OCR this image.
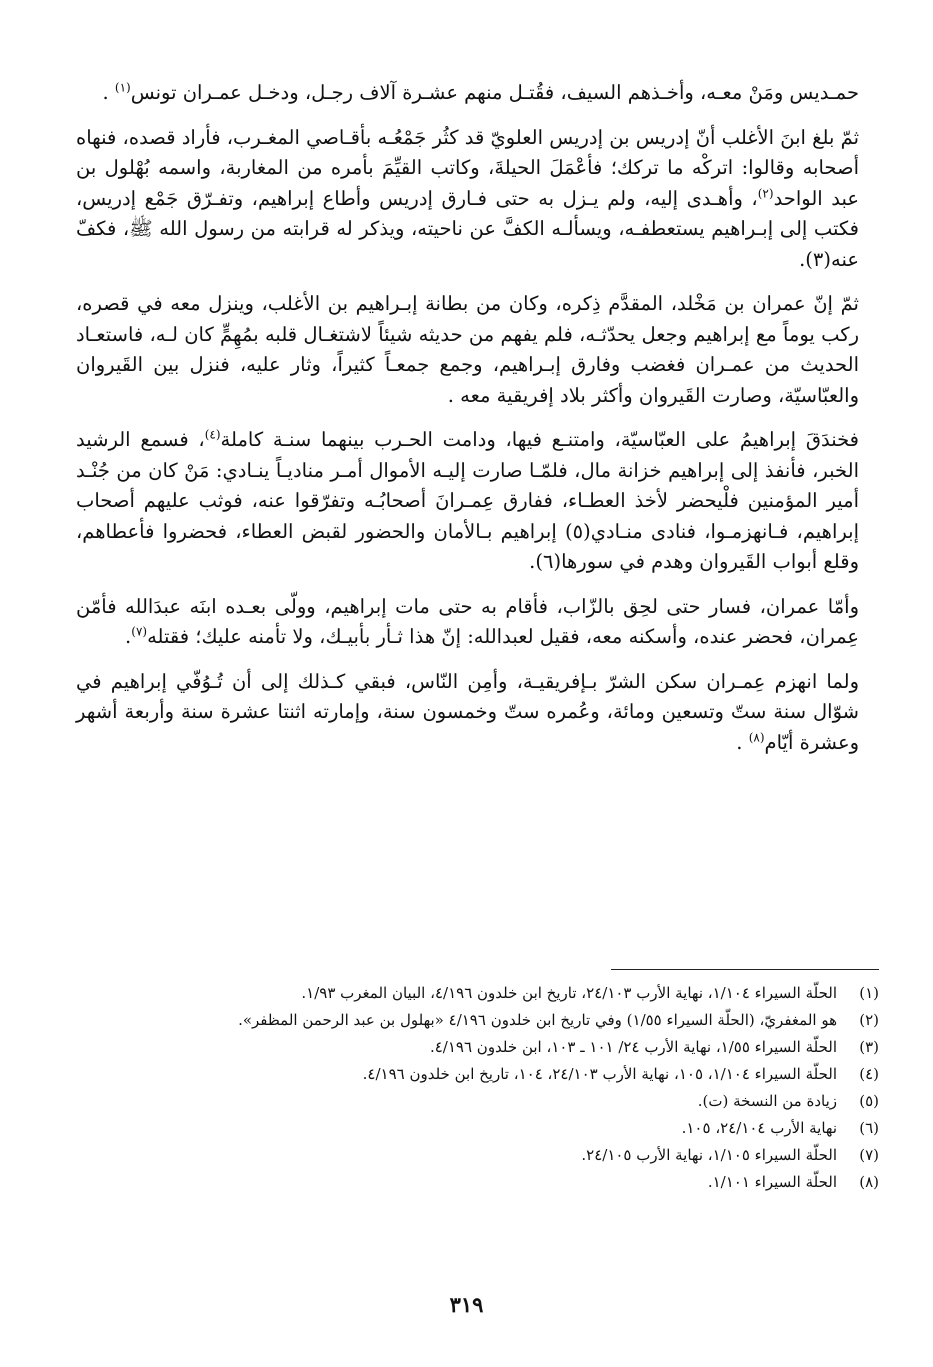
حمـديس ومَنْ معـه، وأخـذهم السيف، فقُتـل منهم عشـرة آلاف رجـل، ودخـل عمـران تونس$^{(١)}$ .

ثمّ بلغ ابنَ الأغلب أنّ إدريس بن إدريس العلويّ قد كثُر جَمْعُـه بأقـاصي المغـرب، فأراد قصده، فنهاه أصحابه وقالوا: اتركْه ما تركك؛ فأعْمَلَ الحيلةَ، وكاتب القيِّمَ بأمره من المغاربة، واسمه بُهْلول بن عبد الواحد$^{(٢)}$، وأهـدى إليه، ولم يـزل به حتى فـارق إدريس وأطاع إبراهيم، وتفـرّق جَمْع إدريس، فكتب إلى إبـراهيم يستعطفـه، ويسألـه الكفَّ عن ناحيته، ويذكر له قرابته من رسول الله ﷺ، فكفّ عنه(٣).

ثمّ إنّ عمران بن مَخْلد، المقدَّم ذِكره، وكان من بطانة إبـراهيم بن الأغلب، وينزل معه في قصره، ركب يوماً مع إبراهيم وجعل يحدّثـه، فلم يفهم من حديثه شيئاً لاشتغـال قلبه بمُهِمٍّ كان لـه، فاستعـاد الحديث من عمـران فغضب وفارق إبـراهيم، وجمع جمعـاً كثيراً، وثار عليه، فنزل بين القَيروان والعبّاسيّة، وصارت القَيروان وأكثر بلاد إفريقية معه .

فخندَقَ إبراهيمُ على العبّاسيّة، وامتنـع فيها، ودامت الحـرب بينهما سنـة كاملة$^{(٤)}$، فسمع الرشيد الخبر، فأنفذ إلى إبراهيم خزانة مال، فلمّـا صارت إليـه الأموال أمـر مناديـاً ينـادي: مَنْ كان من جُنْـد أمير المؤمنين فلْيحضر لأخذ العطـاء، ففارق عِمـرانَ أصحابُـه وتفرّقوا عنه، فوثب عليهم أصحاب إبراهيم، فـانهزمـوا، فنادى منـادي(٥) إبراهيم بـالأمان والحضور لقبض العطاء، فحضروا فأعطاهم، وقلع أبواب القَيروان وهدم في سورها(٦).

وأمّا عمران، فسار حتى لحِق بالزّاب، فأقام به حتى مات إبراهيم، وولّى بعـده ابنَه عبدَالله فأمّن عِمران، فحضر عنده، وأسكنه معه، فقيل لعبدالله: إنّ هذا ثـأر بأبيـك، ولا تأمنه عليك؛ فقتله$^{(٧)}$.

ولما انهزم عِمـران سكن الشرّ بـإفريقيـة، وأمِن النّاس، فبقي كـذلك إلى أن تُـوُفّي إبراهيم في شوّال سنة ستّ وتسعين ومائة، وعُمره ستّ وخمسون سنة، وإمارته اثنتا عشرة سنة وأربعة أشهر وعشرة أيّام$^{(٨)}$ .

(١)
الحلّة السيراء ١/١٠٤، نهاية الأرب ٢٤/١٠٣، تاريخ ابن خلدون ٤/١٩٦، البيان المغرب ١/٩٣.
(٢)
هو المغفريّ، (الحلّة السيراء ١/٥٥) وفي تاريخ ابن خلدون ٤/١٩٦ «بهلول بن عبد الرحمن المظفر».
(٣)
الحلّة السيراء ١/٥٥، نهاية الأرب ٢٤/ ١٠١ ـ ١٠٣، ابن خلدون ٤/١٩٦.
(٤)
الحلّة السيراء ١/١٠٤، ١٠٥، نهاية الأرب ٢٤/١٠٣، ١٠٤، تاريخ ابن خلدون ٤/١٩٦.
(٥)
زيادة من النسخة (ت).
(٦)
نهاية الأرب ٢٤/١٠٤، ١٠٥.
(٧)
الحلّة السيراء ١/١٠٥، نهاية الأرب ٢٤/١٠٥.
(٨)
الحلّة السيراء ١/١٠١.
٣١٩
